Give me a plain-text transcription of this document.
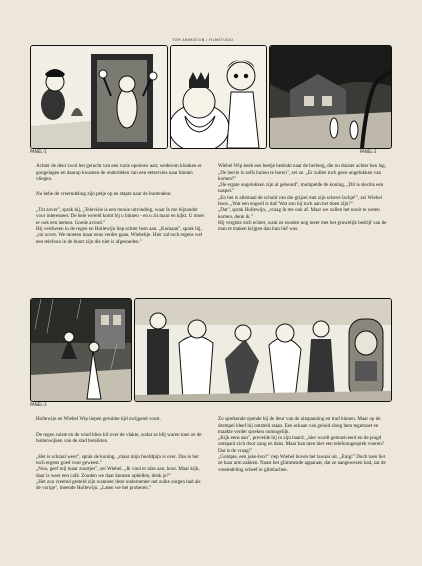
TOM ANIMATION / FILMSTUDIO
PANEL-1	PANEL-2

Achter de deur zwol het gerucht van een ruzie opnieuw aan; wederom klonken er gongelagen en daarop kwamen de onderdelen van een eetservies naar binnen vliegen.

Nu hebe de vreemdeling zijn petje op en stapte naar de buitendeur.

„Tot zover", sprak hij, „Televisie is een mooie uitvinding, waar ik me bijzonder voor interesseer. De hele wereld komt bij u binnen - en u zit maar en kijkt. U moet er ook een nemen. Goede avond."
Hij verdween in de regen en Hollewijn liep achter hem aan. „Komaan", sprak hij, „tot zover. We moeten maar eens verder gaan, Wiebeltje. Hier zal toch ergens wel een telefoon in de buurt zijn die niet is afgesneden."

Wiebel Wip keek een beetje bedrukt naar de herberg, die nu duister achter hen lag.
„De herrie is zelfs buiten te horen", zei ze. „Er zullen toch geen ongelukken van komen?"
„De ergste ongelukken zijn al gebeurd", mompelde de koning, „Dit is slechts een naspel."
„En het is allemaal de schuld van die grijzel met zijn scheve lachje!", zei Wiebel boos. „Wat een engerd is dat! Wat zou hij toch aan het doen zijn?"
„Dat", sprak Hollewijn, „vraag ik me ook af. Maar we zullen het nooit te weten komen, denk ik."
Hij vergiste zich echter, want ze zouden nog meer met het gruwelijk bedrijf van de man te maken krijgen dan hun lief was.

PANEL-3

Hollewijn en Wiebel Wip liepen geruime tijd zwijgend voort.

De regen ruiste en de wind blies kil over de vlakte, zodat ze blij waren toen ze de buitenwijken van de stad bereikten.

„Het is schraal weer", sprak de koning, „maar mijn hoofdpijn is over. Dus is het toch ergens goed voor geweest."
„Nou, geef mij maar zuurtjes", zei Wiebel. „Ik vind er niks aan, hoor. Maar kijk, daar is weer een café. Zouden we daar kunnen opbellen, denk je?"
„Het zou vreemd gesteld zijn wanneer deze ondernemer net zulke zorgen had als de vorige", meende Hollewijn. „Laten we het proberen."

Zo sprekende opende hij de deur van de uitspanning en trad binnen. Maar op de drempel bleef hij ontsteld staan. Een orkaan van geluid sloeg hem tegemoet en maakte verder spreken onmogelijk.
„Kijk eens aan", prevelde hij in zijn baard, „hier wordt gemusiceerd en de jeugd ontspant zich door zang en dans. Maar kan men hier een telefoongesprek voeren? Dat is de vraag!"
„Gompie, een juke-box!" riep Wiebel boven het lawaai uit. „Enig!" Doch toen liet ze haar arm zakken. Naast het glimmende apparaat, dat ze aangewezen had, zat de vreemdeling scheef te glimlachen.
